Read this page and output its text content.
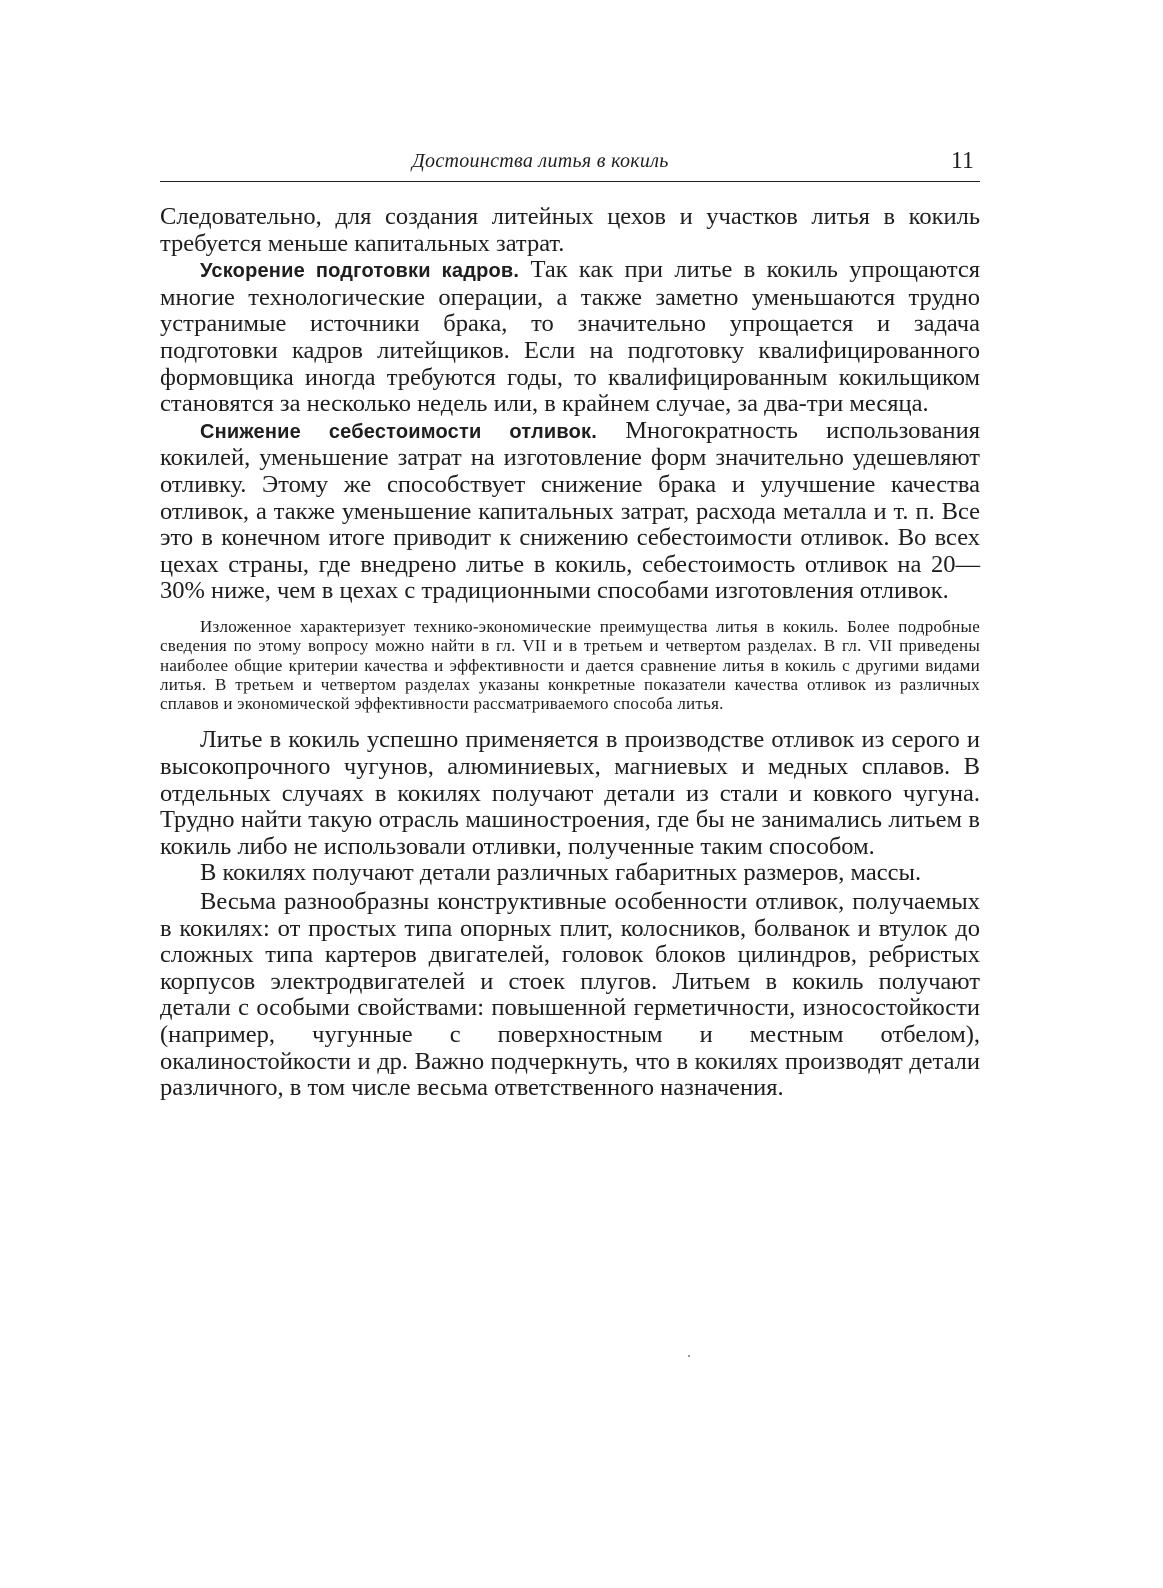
Достоинства литья в кокиль	11

Следовательно, для создания литейных цехов и участков литья в кокиль требуется меньше капитальных затрат.

Ускорение подготовки кадров. Так как при литье в кокиль упрощаются многие технологические операции, а также заметно уменьшаются трудно устранимые источники брака, то значительно упрощается и задача подготовки кадров литейщиков. Если на подготовку квалифицированного формовщика иногда требуются годы, то квалифицированным кокильщиком становятся за несколько недель или, в крайнем случае, за два-три месяца.

Снижение себестоимости отливок. Многократность использования кокилей, уменьшение затрат на изготовление форм значительно удешевляют отливку. Этому же способствует снижение брака и улучшение качества отливок, а также уменьшение капитальных затрат, расхода металла и т. п. Все это в конечном итоге приводит к снижению себестоимости отливок. Во всех цехах страны, где внедрено литье в кокиль, себестоимость отливок на 20—30% ниже, чем в цехах с традиционными способами изготовления отливок.

Изложенное характеризует технико-экономические преимущества литья в кокиль. Более подробные сведения по этому вопросу можно найти в гл. VII и в третьем и четвертом разделах. В гл. VII приведены наиболее общие критерии качества и эффективности и дается сравнение литья в кокиль с другими видами литья. В третьем и четвертом разделах указаны конкретные показатели качества отливок из различных сплавов и экономической эффективности рассматриваемого способа литья.

Литье в кокиль успешно применяется в производстве отливок из серого и высокопрочного чугунов, алюминиевых, магниевых и медных сплавов. В отдельных случаях в кокилях получают детали из стали и ковкого чугуна. Трудно найти такую отрасль машиностроения, где бы не занимались литьем в кокиль либо не использовали отливки, полученные таким способом.

В кокилях получают детали различных габаритных размеров, массы.

Весьма разнообразны конструктивные особенности отливок, получаемых в кокилях: от простых типа опорных плит, колосников, болванок и втулок до сложных типа картеров двигателей, головок блоков цилиндров, ребристых корпусов электродвигателей и стоек плугов. Литьем в кокиль получают детали с особыми свойствами: повышенной герметичности, износостойкости (например, чугунные с поверхностным и местным отбелом), окалиностойкости и др. Важно подчеркнуть, что в кокилях производят детали различного, в том числе весьма ответственного назначения.
